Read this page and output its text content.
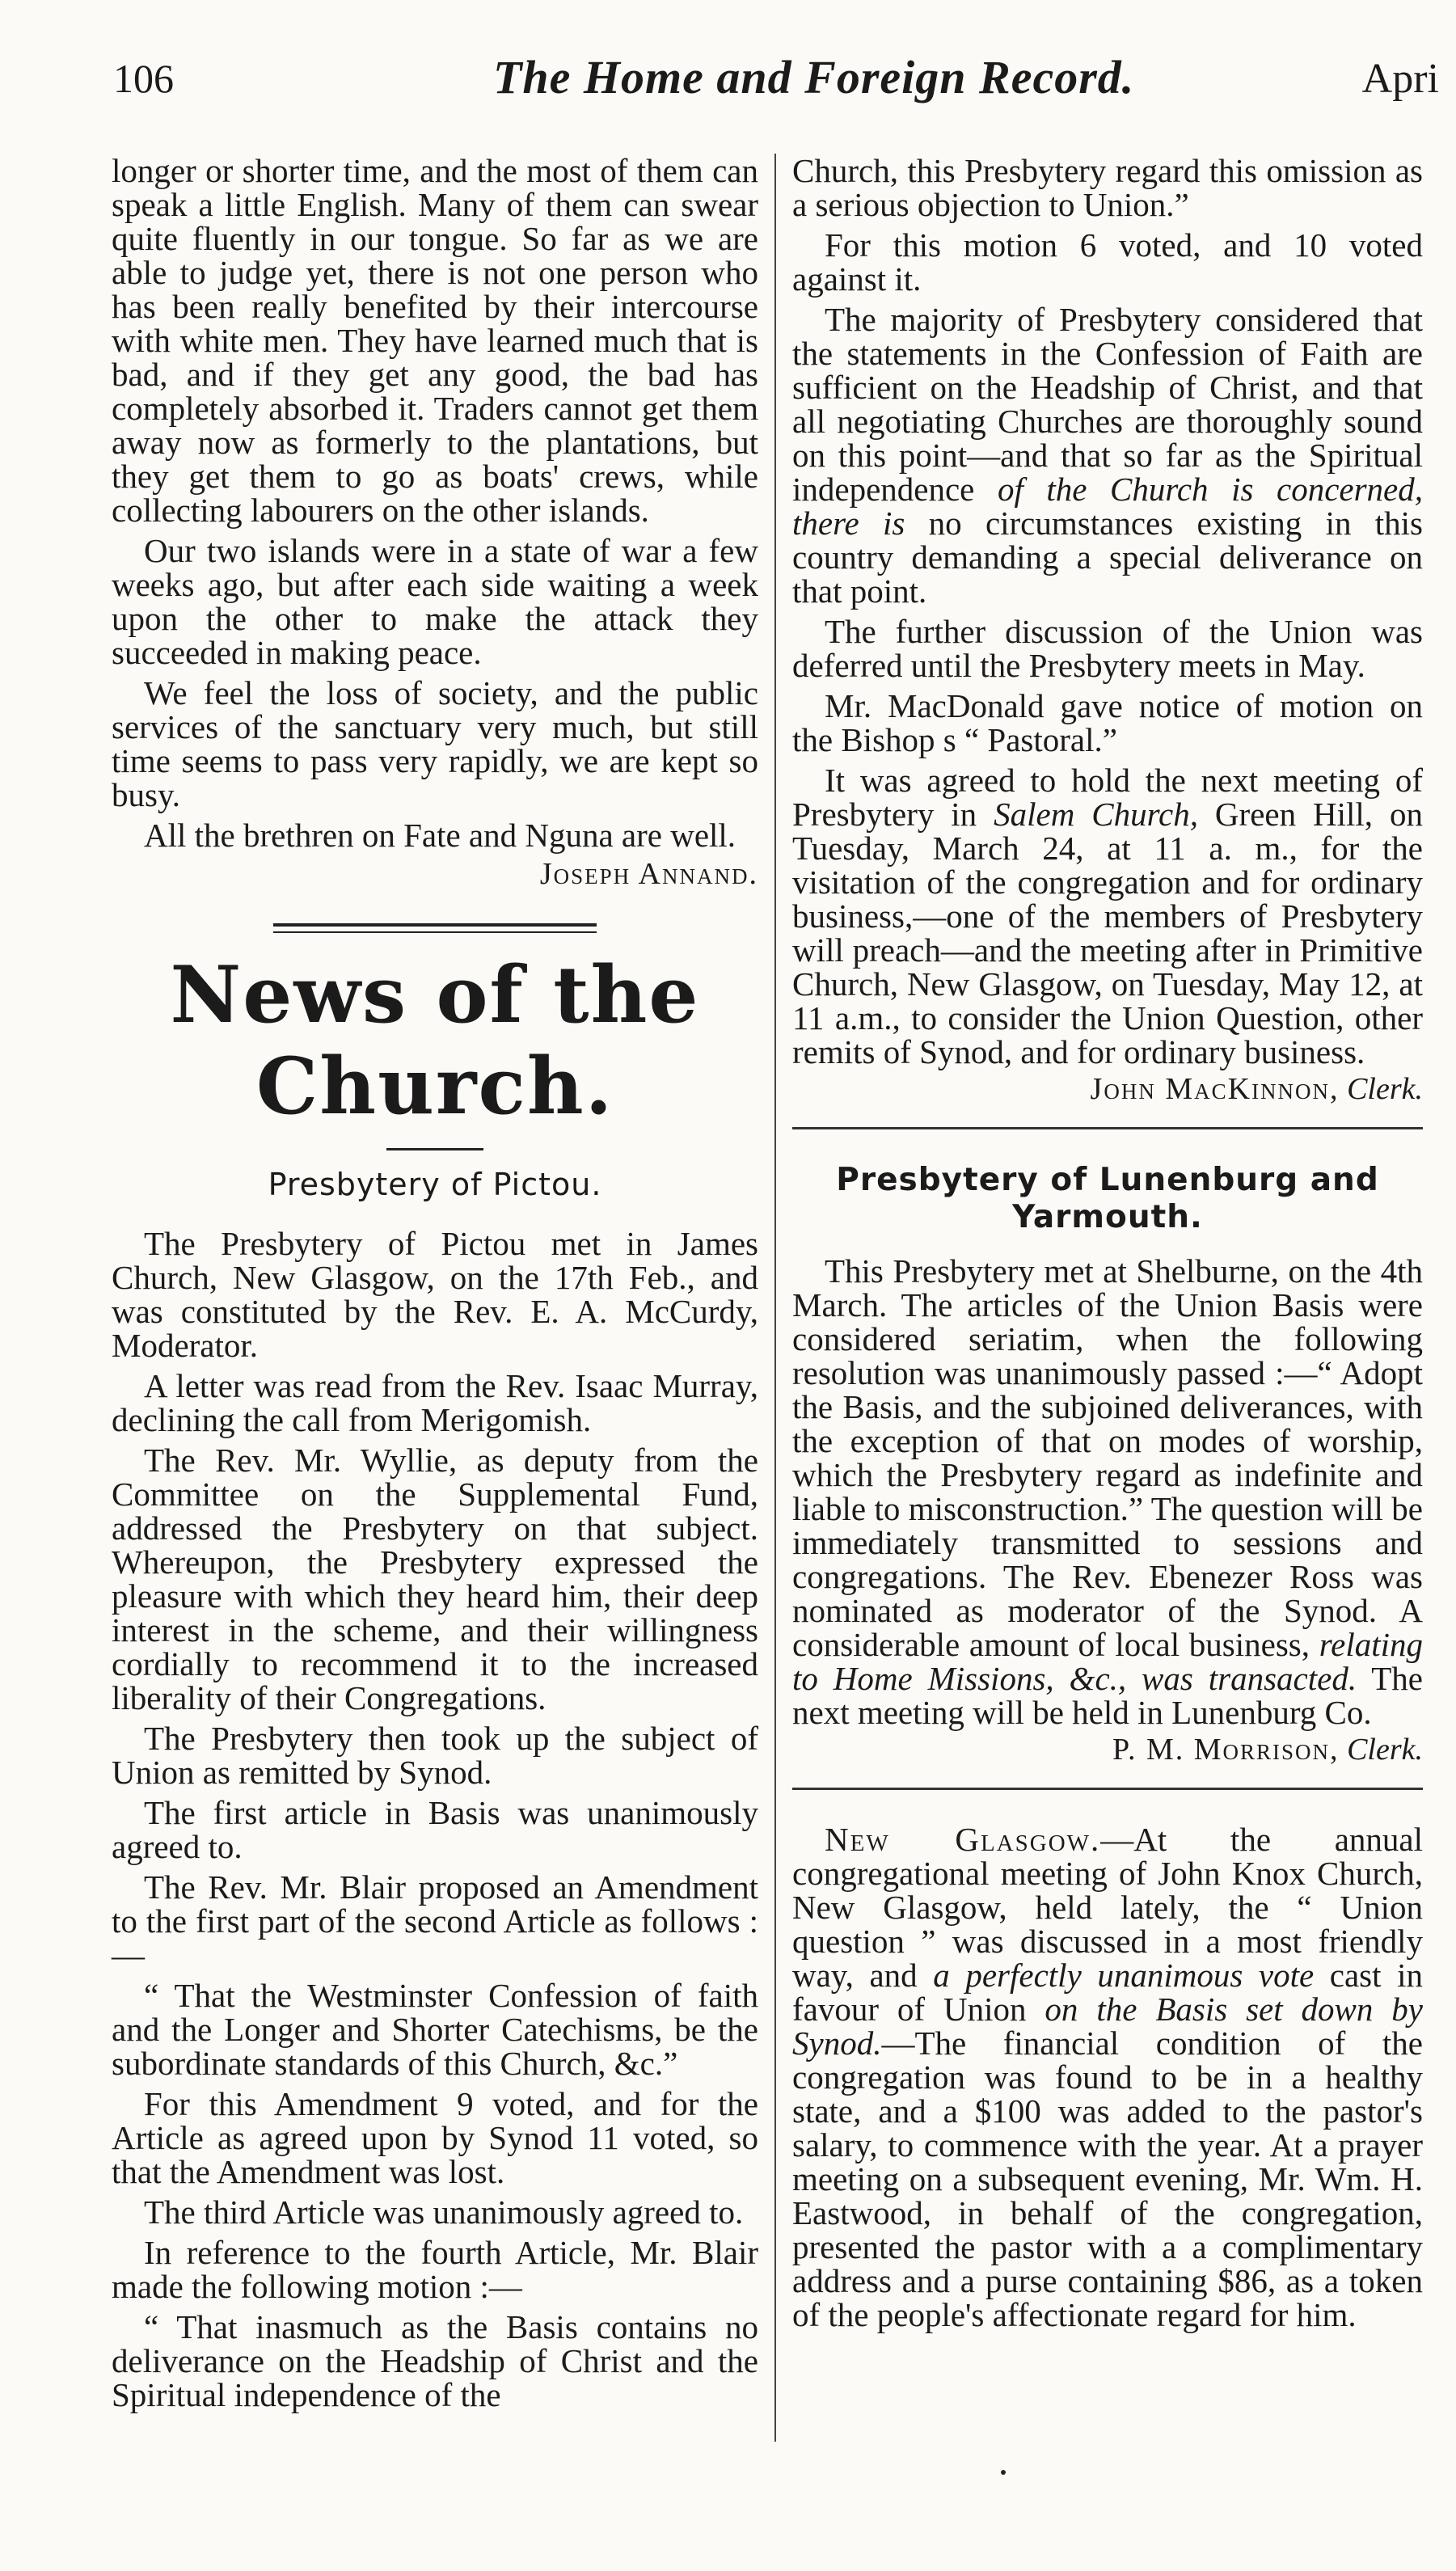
106	The Home and Foreign Record.	Apri

longer or shorter time, and the most of them can speak a little English. Many of them can swear quite fluently in our tongue. So far as we are able to judge yet, there is not one person who has been really benefited by their intercourse with white men. They have learned much that is bad, and if they get any good, the bad has completely absorbed it. Traders cannot get them away now as formerly to the plantations, but they get them to go as boats' crews, while collecting labourers on the other islands.

Our two islands were in a state of war a few weeks ago, but after each side waiting a week upon the other to make the attack they succeeded in making peace.

We feel the loss of society, and the public services of the sanctuary very much, but still time seems to pass very rapidly, we are kept so busy.

All the brethren on Fate and Nguna are well.
Joseph Annand.
News of the Church.
Presbytery of Pictou.

The Presbytery of Pictou met in James Church, New Glasgow, on the 17th Feb., and was constituted by the Rev. E. A. McCurdy, Moderator.

A letter was read from the Rev. Isaac Murray, declining the call from Merigomish.

The Rev. Mr. Wyllie, as deputy from the Committee on the Supplemental Fund, addressed the Presbytery on that subject. Whereupon, the Presbytery expressed the pleasure with which they heard him, their deep interest in the scheme, and their willingness cordially to recommend it to the increased liberality of their Congregations.

The Presbytery then took up the subject of Union as remitted by Synod.

The first article in Basis was unanimously agreed to.

The Rev. Mr. Blair proposed an Amendment to the first part of the second Article as follows :—

“ That the Westminster Confession of faith and the Longer and Shorter Catechisms, be the subordinate standards of this Church, &c.”

For this Amendment 9 voted, and for the Article as agreed upon by Synod 11 voted, so that the Amendment was lost.

The third Article was unanimously agreed to.

In reference to the fourth Article, Mr. Blair made the following motion :—

“ That inasmuch as the Basis contains no deliverance on the Headship of Christ and the Spiritual independence of the

Church, this Presbytery regard this omission as a serious objection to Union.”

For this motion 6 voted, and 10 voted against it.

The majority of Presbytery considered that the statements in the Confession of Faith are sufficient on the Headship of Christ, and that all negotiating Churches are thoroughly sound on this point—and that so far as the Spiritual independence of the Church is concerned, there is no circumstances existing in this country demanding a special deliverance on that point.

The further discussion of the Union was deferred until the Presbytery meets in May.

Mr. MacDonald gave notice of motion on the Bishop s “ Pastoral.”

It was agreed to hold the next meeting of Presbytery in Salem Church, Green Hill, on Tuesday, March 24, at 11 a. m., for the visitation of the congregation and for ordinary business,—one of the members of Presbytery will preach—and the meeting after in Primitive Church, New Glasgow, on Tuesday, May 12, at 11 a.m., to consider the Union Question, other remits of Synod, and for ordinary business.

John MacKinnon, Clerk.
Presbytery of Lunenburg and Yarmouth.

This Presbytery met at Shelburne, on the 4th March. The articles of the Union Basis were considered seriatim, when the following resolution was unanimously passed :—“ Adopt the Basis, and the subjoined deliverances, with the exception of that on modes of worship, which the Presbytery regard as indefinite and liable to misconstruction.” The question will be immediately transmitted to sessions and congregations. The Rev. Ebenezer Ross was nominated as moderator of the Synod. A considerable amount of local business, relating to Home Missions, &c., was transacted. The next meeting will be held in Lunenburg Co.

P. M. Morrison, Clerk.

New Glasgow.—At the annual congregational meeting of John Knox Church, New Glasgow, held lately, the “ Union question ” was discussed in a most friendly way, and a perfectly unanimous vote cast in favour of Union on the Basis set down by Synod.—The financial condition of the congregation was found to be in a healthy state, and a $100 was added to the pastor's salary, to commence with the year. At a prayer meeting on a subsequent evening, Mr. Wm. H. Eastwood, in behalf of the congregation, presented the pastor with a a complimentary address and a purse containing $86, as a token of the people's affectionate regard for him.
